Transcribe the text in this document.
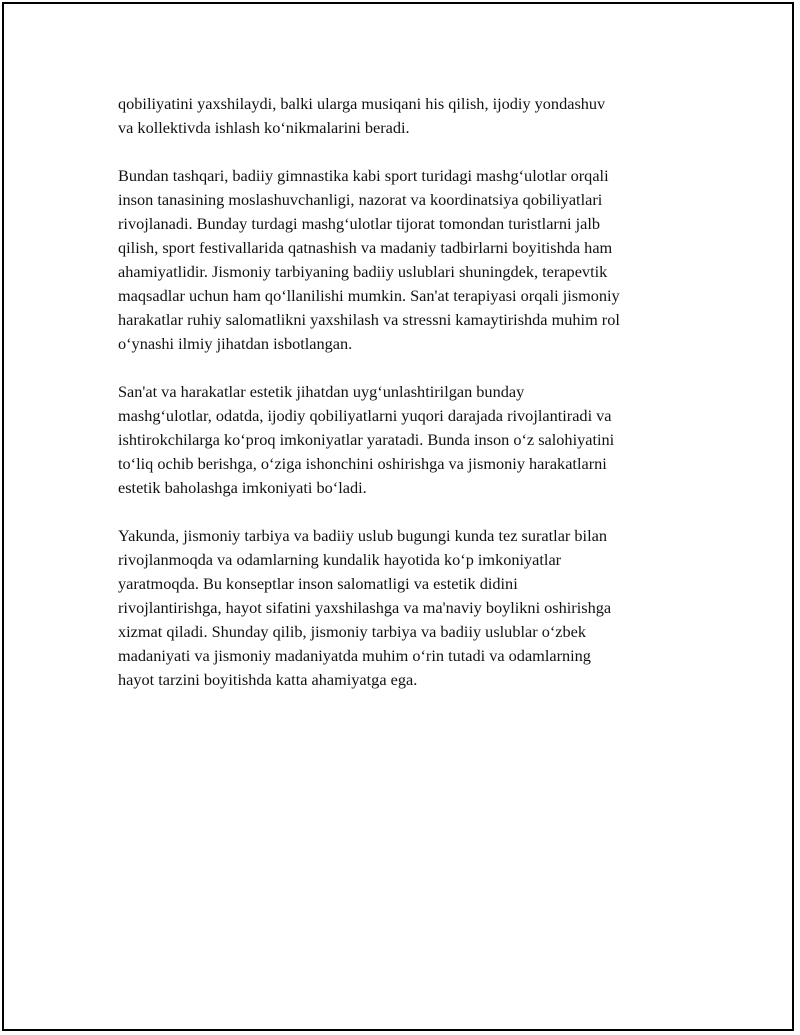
qobiliyatini yaxshilaydi, balki ularga musiqani his qilish, ijodiy yondashuv
va kollektivda ishlash ko‘nikmalarini beradi.

Bundan tashqari, badiiy gimnastika kabi sport turidagi mashg‘ulotlar orqali
inson tanasining moslashuvchanligi, nazorat va koordinatsiya qobiliyatlari
rivojlanadi. Bunday turdagi mashg‘ulotlar tijorat tomondan turistlarni jalb
qilish, sport festivallarida qatnashish va madaniy tadbirlarni boyitishda ham
ahamiyatlidir. Jismoniy tarbiyaning badiiy uslublari shuningdek, terapevtik
maqsadlar uchun ham qo‘llanilishi mumkin. San'at terapiyasi orqali jismoniy
harakatlar ruhiy salomatlikni yaxshilash va stressni kamaytirishda muhim rol
o‘ynashi ilmiy jihatdan isbotlangan.

San'at va harakatlar estetik jihatdan uyg‘unlashtirilgan bunday
mashg‘ulotlar, odatda, ijodiy qobiliyatlarni yuqori darajada rivojlantiradi va
ishtirokchilarga ko‘proq imkoniyatlar yaratadi. Bunda inson o‘z salohiyatini
to‘liq ochib berishga, o‘ziga ishonchini oshirishga va jismoniy harakatlarni
estetik baholashga imkoniyati bo‘ladi.

Yakunda, jismoniy tarbiya va badiiy uslub bugungi kunda tez suratlar bilan
rivojlanmoqda va odamlarning kundalik hayotida ko‘p imkoniyatlar
yaratmoqda. Bu konseptlar inson salomatligi va estetik didini
rivojlantirishga, hayot sifatini yaxshilashga va ma'naviy boylikni oshirishga
xizmat qiladi. Shunday qilib, jismoniy tarbiya va badiiy uslublar o‘zbek
madaniyati va jismoniy madaniyatda muhim o‘rin tutadi va odamlarning
hayot tarzini boyitishda katta ahamiyatga ega.
